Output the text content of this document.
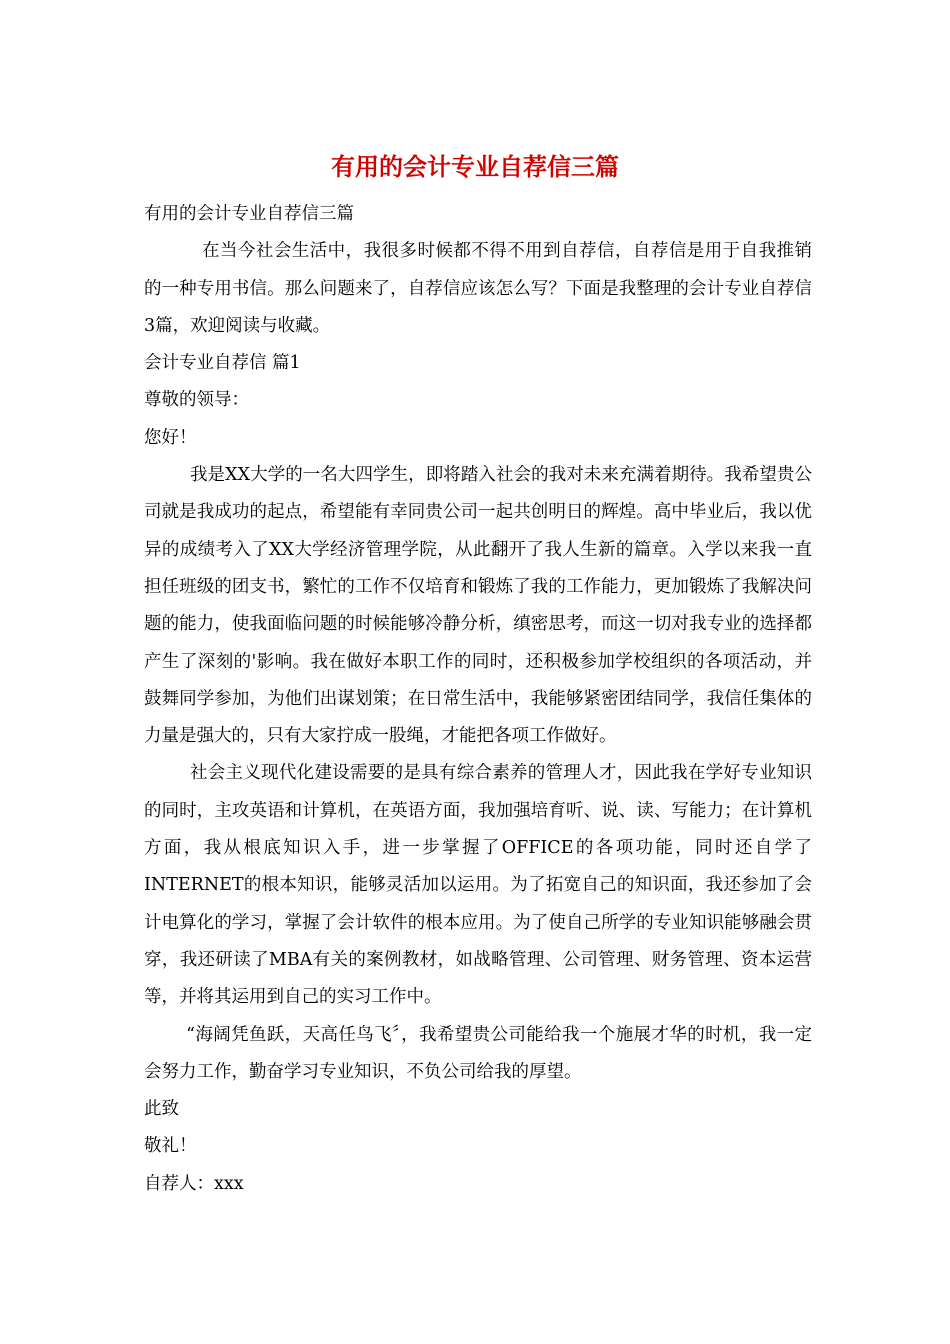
有用的会计专业自荐信三篇

有用的会计专业自荐信三篇

在当今社会生活中，我很多时候都不得不用到自荐信，自荐信是用于自我推销的一种专用书信。那么问题来了，自荐信应该怎么写？下面是我整理的会计专业自荐信3篇，欢迎阅读与收藏。

会计专业自荐信 篇1

尊敬的领导：

您好！

我是XX大学的一名大四学生，即将踏入社会的我对未来充满着期待。我希望贵公司就是我成功的起点，希望能有幸同贵公司一起共创明日的辉煌。高中毕业后，我以优异的成绩考入了XX大学经济管理学院，从此翻开了我人生新的篇章。入学以来我一直担任班级的团支书，繁忙的工作不仅培育和锻炼了我的工作能力，更加锻炼了我解决问题的能力，使我面临问题的时候能够冷静分析，缜密思考，而这一切对我专业的选择都产生了深刻的'影响。我在做好本职工作的同时，还积极参加学校组织的各项活动，并鼓舞同学参加，为他们出谋划策；在日常生活中，我能够紧密团结同学，我信任集体的力量是强大的，只有大家拧成一股绳，才能把各项工作做好。

社会主义现代化建设需要的是具有综合素养的管理人才，因此我在学好专业知识的同时，主攻英语和计算机，在英语方面，我加强培育听、说、读、写能力；在计算机方面，我从根底知识入手，进一步掌握了OFFICE的各项功能，同时还自学了INTERNET的根本知识，能够灵活加以运用。为了拓宽自己的知识面，我还参加了会计电算化的学习，掌握了会计软件的根本应用。为了使自己所学的专业知识能够融会贯穿，我还研读了MBA有关的案例教材，如战略管理、公司管理、财务管理、资本运营等，并将其运用到自己的实习工作中。

“海阔凭鱼跃，天高任鸟飞〞，我希望贵公司能给我一个施展才华的时机，我一定会努力工作，勤奋学习专业知识，不负公司给我的厚望。

此致

敬礼！

自荐人：xxx
